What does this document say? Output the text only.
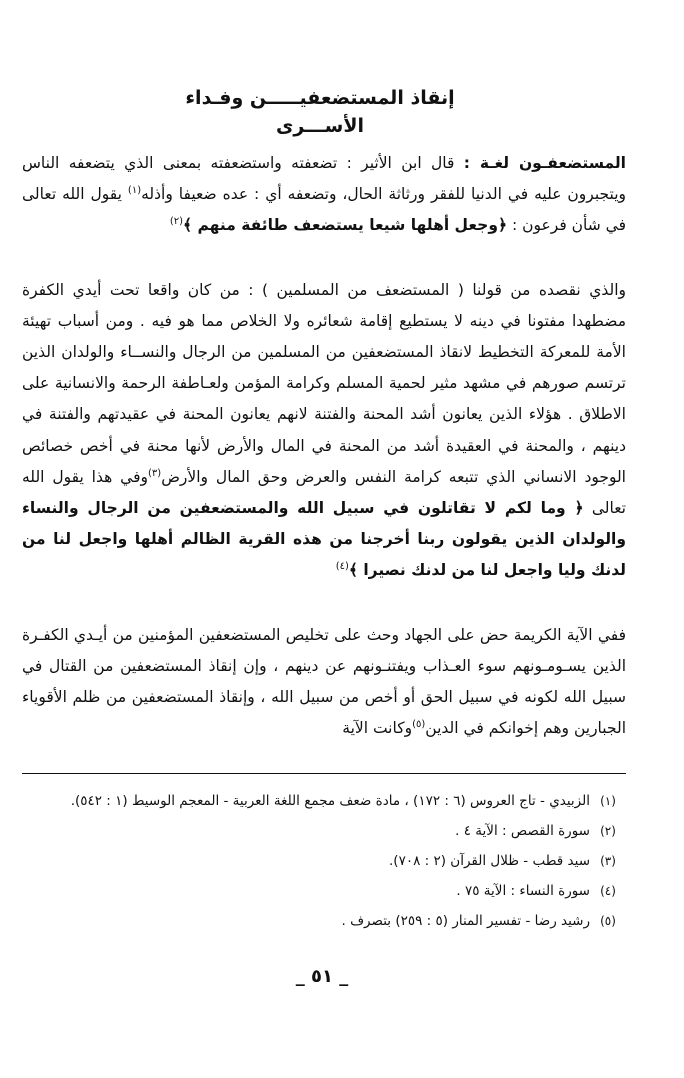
إنقاذ المستضعفيـــــن وفـداء الأســـرى

المستضعفـون لغـة : قال ابن الأثير : تضعفته واستضعفته بمعنى الذي يتضعفه الناس ويتجبرون عليه في الدنيا للفقر ورثاثة الحال، وتضعفه أي : عده ضعيفا وأذله$^{(١)}$ يقول الله تعالى في شأن فرعون : ﴿وجعل أهلها شيعا يستضعف طائفة منهم ﴾$^{(٢)}$

والذي نقصده من قولنا ( المستضعف من المسلمين ) : من كان واقعا تحت أيدي الكفرة مضطهدا مفتونا في دينه لا يستطيع إقامة شعائره ولا الخلاص مما هو فيه . ومن أسباب تهيئة الأمة للمعركة التخطيط لانقاذ المستضعفين من المسلمين من الرجال والنســاء والولدان الذين ترتسم صورهم في مشهد مثير لحمية المسلم وكرامة المؤمن ولعـاطفة الرحمة والانسانية على الاطلاق . هؤلاء الذين يعانون أشد المحنة والفتنة لانهم يعانون المحنة في عقيدتهم والفتنة في دينهم ، والمحنة في العقيدة أشد من المحنة في المال والأرض لأنها محنة في أخص خصائص الوجود الانساني الذي تتبعه كرامة النفس والعرض وحق المال والأرض$^{(٣)}$وفي هذا يقول الله تعالى ﴿ وما لكم لا تقاتلون في سبيل الله والمستضعفين من الرجال والنساء والولدان الذين يقولون ربنا أخرجنا من هذه القرية الظالم أهلها واجعل لنا من لدنك وليا واجعل لنا من لدنك نصيرا ﴾$^{(٤)}$

ففي الآية الكريمة حض على الجهاد وحث على تخليص المستضعفين المؤمنين من أيـدي الكفـرة الذين يسـومـونهم سوء العـذاب ويفتنـونهم عن دينهم ، وإن إنقاذ المستضعفين من القتال في سبيل الله لكونه في سبيل الحق أو أخص من سبيل الله ، وإنقاذ المستضعفين من ظلم الأقوياء الجبارين وهم إخوانكم في الدين$^{(٥)}$وكانت الآية

(١)الزبيدي - تاج العروس (٦ : ١٧٢) ، مادة ضعف مجمع اللغة العربية - المعجم الوسيط (١ : ٥٤٢).
(٢)سورة القصص : الآية ٤ .
(٣)سيد قطب - ظلال القرآن (٢ : ٧٠٨).
(٤)سورة النساء : الآية ٧٥ .
(٥)رشيد رضا - تفسير المنار (٥ : ٢٥٩) بتصرف .
_ ٥١ _
